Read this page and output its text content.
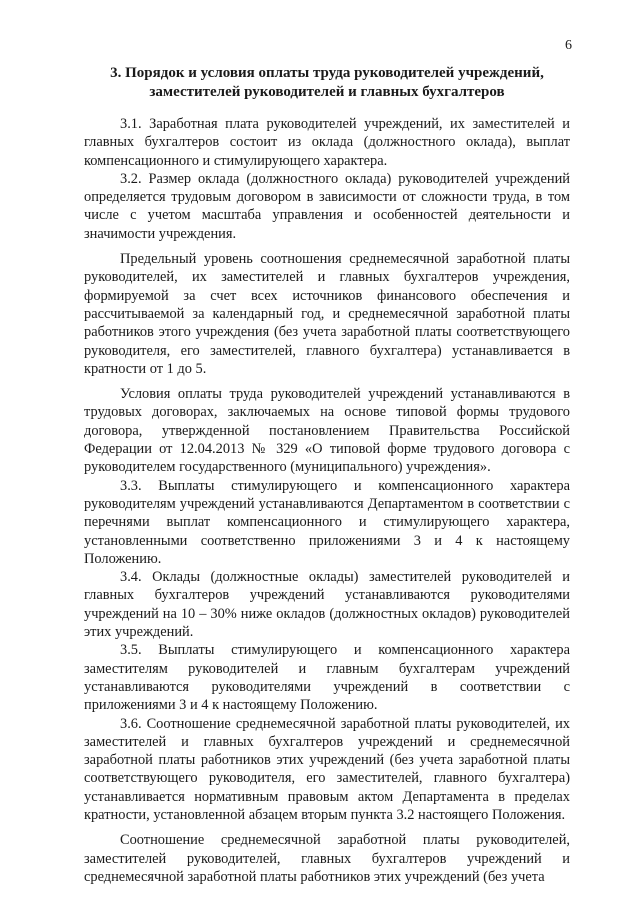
6
3. Порядок и условия оплаты труда руководителей учреждений, заместителей руководителей и главных бухгалтеров

3.1. Заработная плата руководителей учреждений, их заместителей и главных бухгалтеров состоит из оклада (должностного оклада), выплат компенсационного и стимулирующего характера.

3.2. Размер оклада (должностного оклада) руководителей учреждений определяется трудовым договором в зависимости от сложности труда, в том числе с учетом масштаба управления и особенностей деятельности и значимости учреждения.

Предельный уровень соотношения среднемесячной заработной платы руководителей, их заместителей и главных бухгалтеров учреждения, формируемой за счет всех источников финансового обеспечения и рассчитываемой за календарный год, и среднемесячной заработной платы работников этого учреждения (без учета заработной платы соответствующего руководителя, его заместителей, главного бухгалтера) устанавливается в кратности от 1 до 5.

Условия оплаты труда руководителей учреждений устанавливаются в трудовых договорах, заключаемых на основе типовой формы трудового договора, утвержденной постановлением Правительства Российской Федерации от 12.04.2013 № 329 «О типовой форме трудового договора с руководителем государственного (муниципального) учреждения».

3.3. Выплаты стимулирующего и компенсационного характера руководителям учреждений устанавливаются Департаментом в соответствии с перечнями выплат компенсационного и стимулирующего характера, установленными соответственно приложениями 3 и 4 к настоящему Положению.

3.4. Оклады (должностные оклады) заместителей руководителей и главных бухгалтеров учреждений устанавливаются руководителями учреждений на 10 – 30% ниже окладов (должностных окладов) руководителей этих учреждений.

3.5. Выплаты стимулирующего и компенсационного характера заместителям руководителей и главным бухгалтерам учреждений устанавливаются руководителями учреждений в соответствии с приложениями 3 и 4 к настоящему Положению.

3.6. Соотношение среднемесячной заработной платы руководителей, их заместителей и главных бухгалтеров учреждений и среднемесячной заработной платы работников этих учреждений (без учета заработной платы соответствующего руководителя, его заместителей, главного бухгалтера) устанавливается нормативным правовым актом Департамента в пределах кратности, установленной абзацем вторым пункта 3.2 настоящего Положения.

Соотношение среднемесячной заработной платы руководителей, заместителей руководителей, главных бухгалтеров учреждений и среднемесячной заработной платы работников этих учреждений (без учета
